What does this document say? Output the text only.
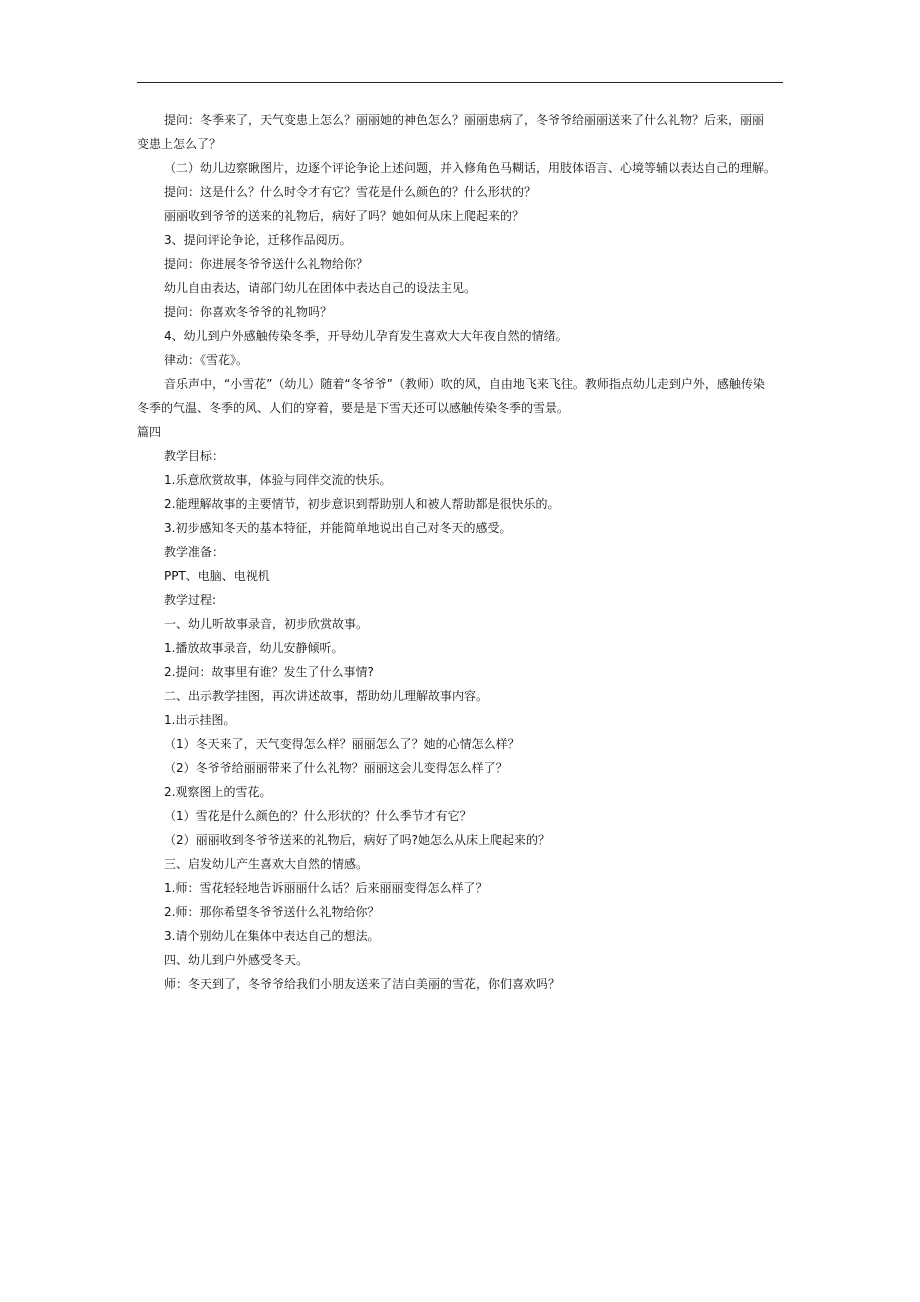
提问：冬季来了，天气变患上怎么？丽丽她的神色怎么？丽丽患病了，冬爷爷给丽丽送来了什么礼物？后来，丽丽
变患上怎么了？
（二）幼儿边察瞅图片，边逐个评论争论上述问题，并入修角色马糊话，用肢体语言、心境等辅以表达自己的理解。
提问：这是什么？什么时令才有它？雪花是什么颜色的？什么形状的？
丽丽收到爷爷的送来的礼物后，病好了吗？她如何从床上爬起来的？
3、提问评论争论，迁移作品阅历。
提问：你进展冬爷爷送什么礼物给你？
幼儿自由表达，请部门幼儿在团体中表达自己的设法主见。
提问：你喜欢冬爷爷的礼物吗？
4、幼儿到户外感触传染冬季，开导幼儿孕育发生喜欢大大年夜自然的情绪。
律动：《雪花》。
音乐声中，“小雪花”（幼儿）随着“冬爷爷”（教师）吹的风，自由地飞来飞往。教师指点幼儿走到户外，感触传染
冬季的气温、冬季的风、人们的穿着，要是是下雪天还可以感触传染冬季的雪景。
篇四
教学目标：
1.乐意欣赏故事，体验与同伴交流的快乐。
2.能理解故事的主要情节，初步意识到帮助别人和被人帮助都是很快乐的。
3.初步感知冬天的基本特征，并能简单地说出自己对冬天的感受。
教学准备：
PPT、电脑、电视机
教学过程:
一、幼儿听故事录音，初步欣赏故事。
1.播放故事录音，幼儿安静倾听。
2.提问：故事里有谁？发生了什么事情?
二、出示教学挂图，再次讲述故事，帮助幼儿理解故事内容。
1.出示挂图。
（1）冬天来了，天气变得怎么样？丽丽怎么了？她的心情怎么样？
（2）冬爷爷给丽丽带来了什么礼物？丽丽这会儿变得怎么样了？
2.观察图上的雪花。
（1）雪花是什么颜色的？什么形状的？什么季节才有它？
（2）丽丽收到冬爷爷送来的礼物后，病好了吗?她怎么从床上爬起来的？
三、启发幼儿产生喜欢大自然的情感。
1.师：雪花轻轻地告诉丽丽什么话？后来丽丽变得怎么样了？
2.师：那你希望冬爷爷送什么礼物给你？
3.请个别幼儿在集体中表达自己的想法。
四、幼儿到户外感受冬天。
师：冬天到了，冬爷爷给我们小朋友送来了洁白美丽的雪花，你们喜欢吗？
